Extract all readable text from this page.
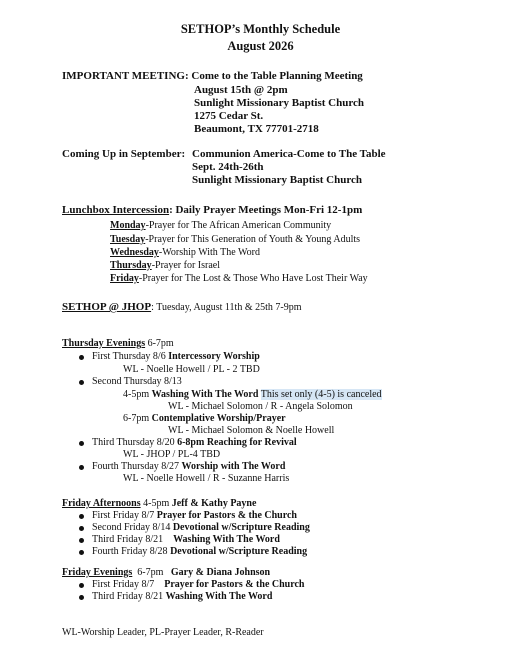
SETHOP’s Monthly Schedule
August 2026
IMPORTANT MEETING: Come to the Table Planning Meeting
August 15th @ 2pm
Sunlight Missionary Baptist Church
1275 Cedar St.
Beaumont, TX 77701-2718
Coming Up in September: Communion America-Come to The Table
Sept. 24th-26th
Sunlight Missionary Baptist Church
Lunchbox Intercession: Daily Prayer Meetings Mon-Fri 12-1pm
Monday-Prayer for The African American Community
Tuesday-Prayer for This Generation of Youth & Young Adults
Wednesday-Worship With The Word
Thursday-Prayer for Israel
Friday-Prayer for The Lost & Those Who Have Lost Their Way
SETHOP @ JHOP: Tuesday, August 11th & 25th 7-9pm
Thursday Evenings 6-7pm
First Thursday 8/6 Intercessory Worship
WL - Noelle Howell / PL - 2 TBD
Second Thursday 8/13
4-5pm Washing With The Word This set only (4-5) is canceled
WL - Michael Solomon / R - Angela Solomon
6-7pm Contemplative Worship/Prayer
WL - Michael Solomon & Noelle Howell
Third Thursday 8/20 6-8pm Reaching for Revival
WL - JHOP / PL-4 TBD
Fourth Thursday 8/27 Worship with The Word
WL - Noelle Howell / R - Suzanne Harris
Friday Afternoons 4-5pm Jeff & Kathy Payne
First Friday 8/7 Prayer for Pastors & the Church
Second Friday 8/14 Devotional w/Scripture Reading
Third Friday 8/21    Washing With The Word
Fourth Friday 8/28 Devotional w/Scripture Reading
Friday Evenings  6-7pm   Gary & Diana Johnson
First Friday 8/7    Prayer for Pastors & the Church
Third Friday 8/21 Washing With The Word
WL-Worship Leader, PL-Prayer Leader, R-Reader
